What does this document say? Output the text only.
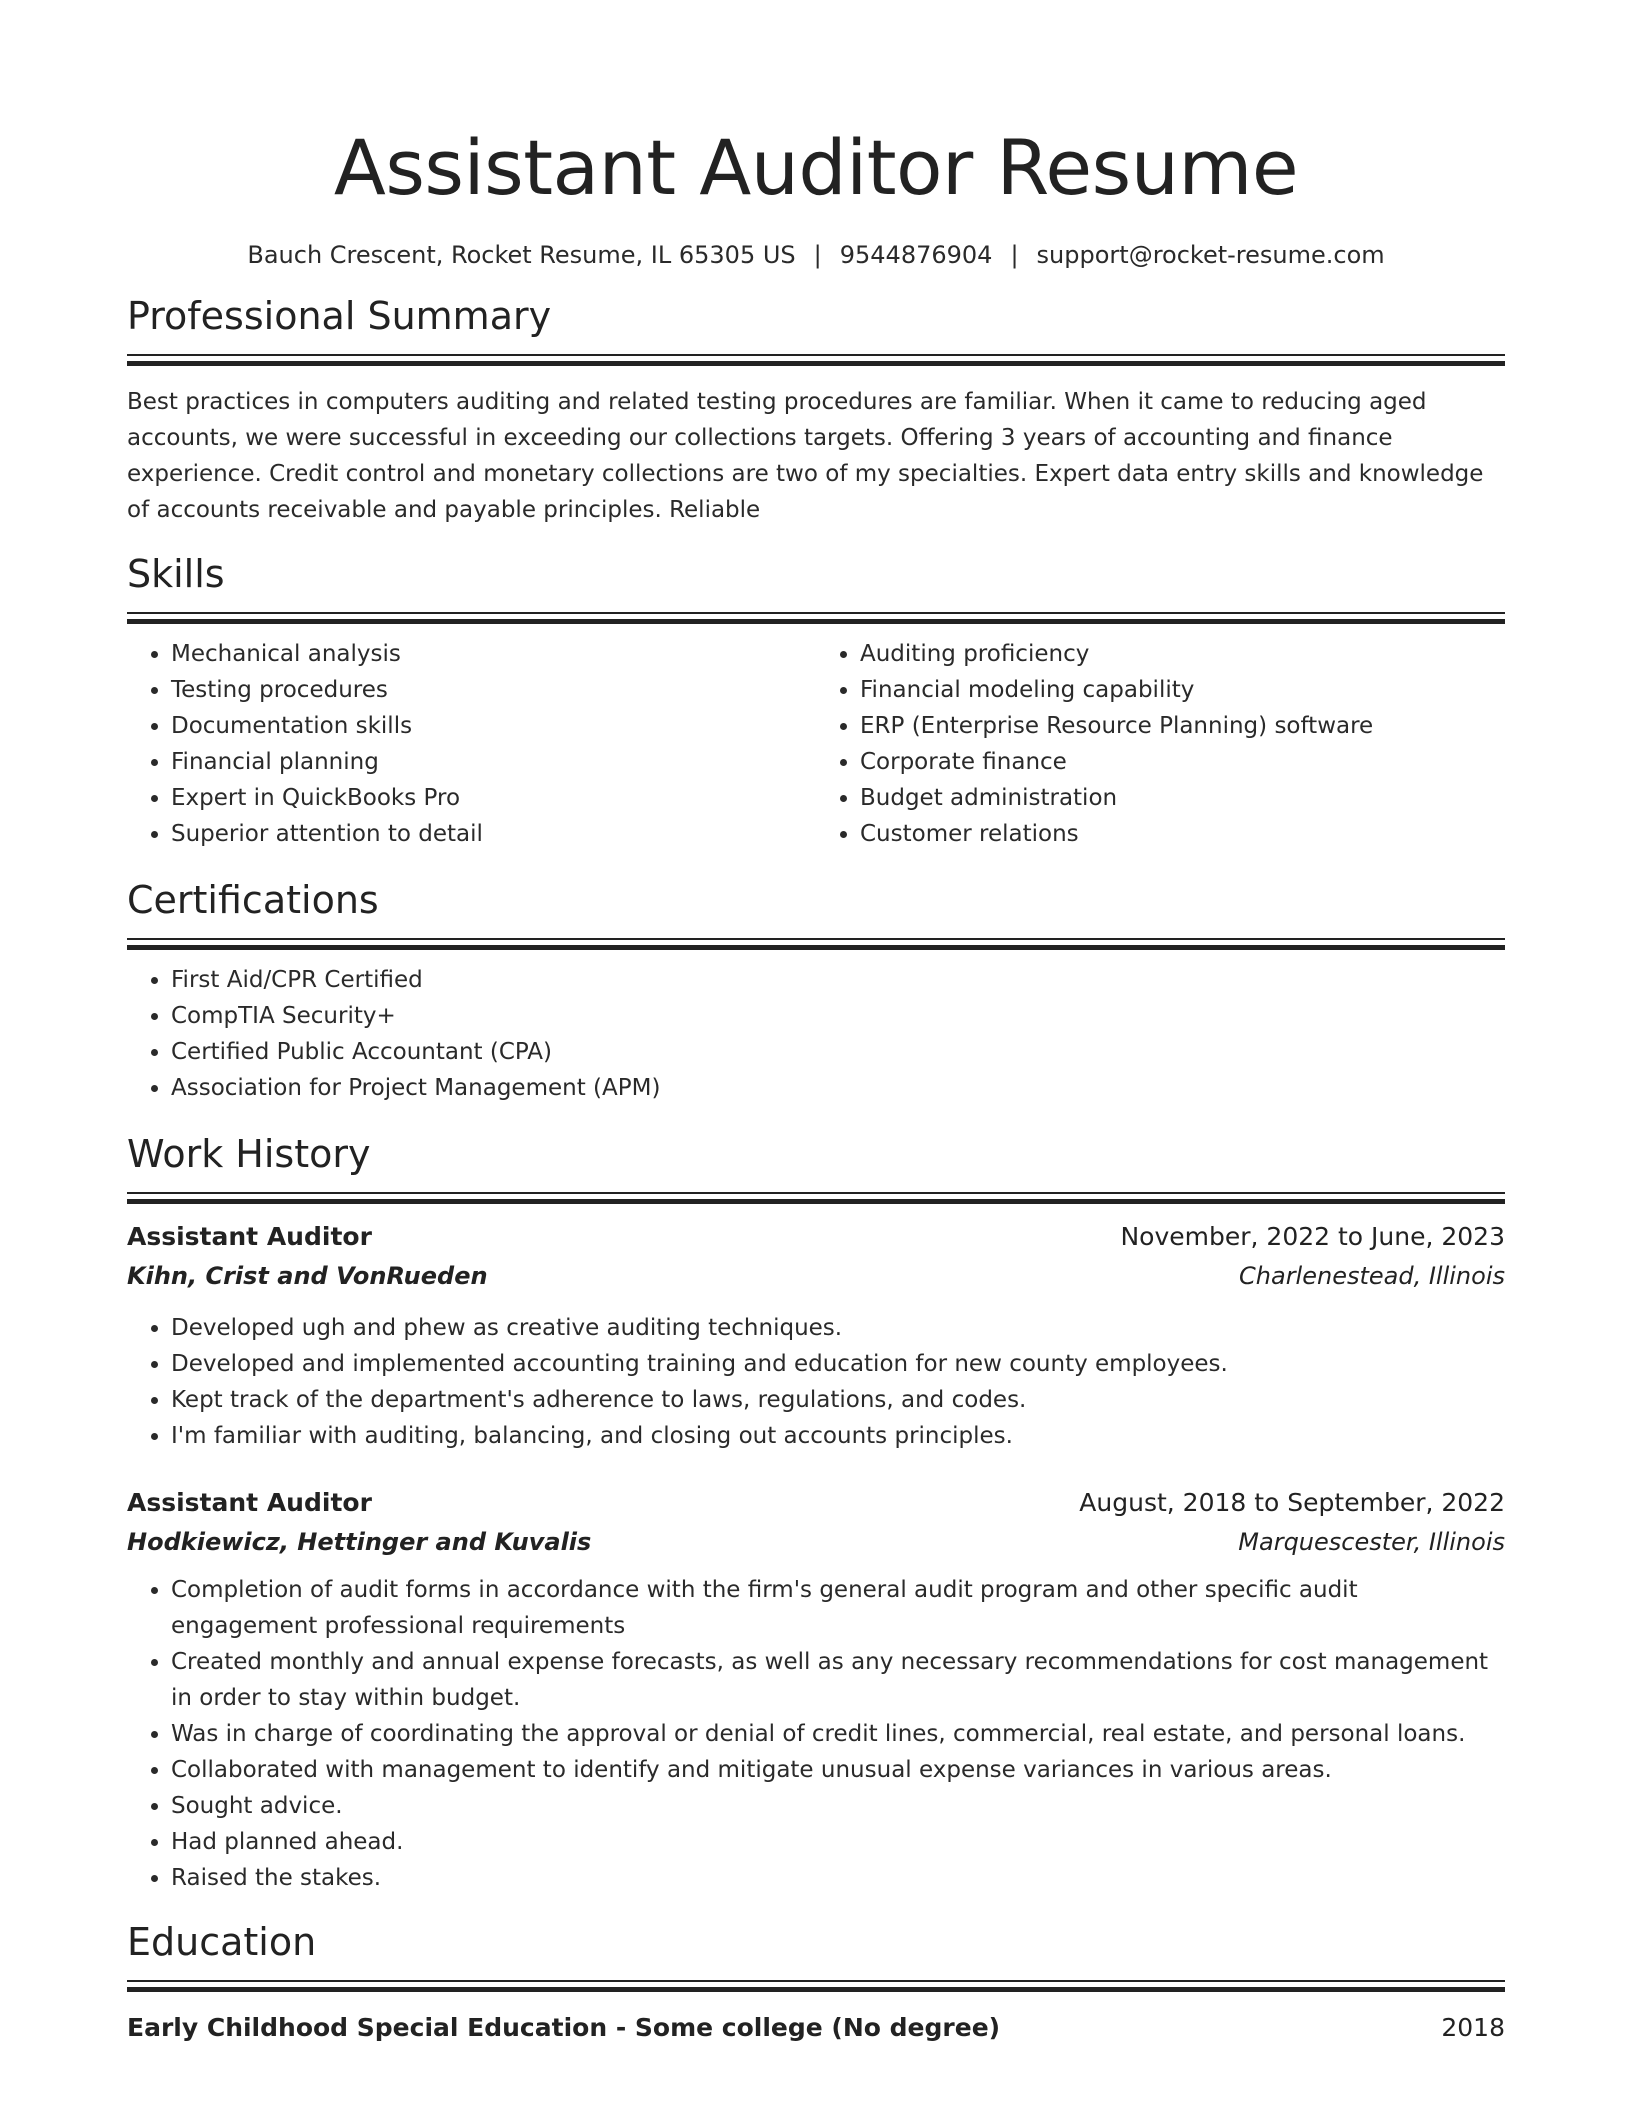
Assistant Auditor Resume
Bauch Crescent, Rocket Resume, IL 65305 US | 9544876904 | support@rocket-resume.com
Professional Summary

Best practices in computers auditing and related testing procedures are familiar. When it came to reducing aged accounts, we were successful in exceeding our collections targets. Offering 3 years of accounting and finance experience. Credit control and monetary collections are two of my specialties. Expert data entry skills and knowledge of accounts receivable and payable principles. Reliable

Skills
• Mechanical analysis
• Testing procedures
• Documentation skills
• Financial planning
• Expert in QuickBooks Pro
• Superior attention to detail
• Auditing proficiency
• Financial modeling capability
• ERP (Enterprise Resource Planning) software
• Corporate finance
• Budget administration
• Customer relations
Certifications
• First Aid/CPR Certified
• CompTIA Security+
• Certified Public Accountant (CPA)
• Association for Project Management (APM)
Work History
Assistant Auditor	November, 2022 to June, 2023
Kihn, Crist and VonRueden	Charlenestead, Illinois
• Developed ugh and phew as creative auditing techniques.
• Developed and implemented accounting training and education for new county employees.
• Kept track of the department's adherence to laws, regulations, and codes.
• I'm familiar with auditing, balancing, and closing out accounts principles.
Assistant Auditor	August, 2018 to September, 2022
Hodkiewicz, Hettinger and Kuvalis	Marquescester, Illinois
• Completion of audit forms in accordance with the firm's general audit program and other specific audit engagement professional requirements
• Created monthly and annual expense forecasts, as well as any necessary recommendations for cost management in order to stay within budget.
• Was in charge of coordinating the approval or denial of credit lines, commercial, real estate, and personal loans.
• Collaborated with management to identify and mitigate unusual expense variances in various areas.
• Sought advice.
• Had planned ahead.
• Raised the stakes.
Education
Early Childhood Special Education - Some college (No degree)	2018
